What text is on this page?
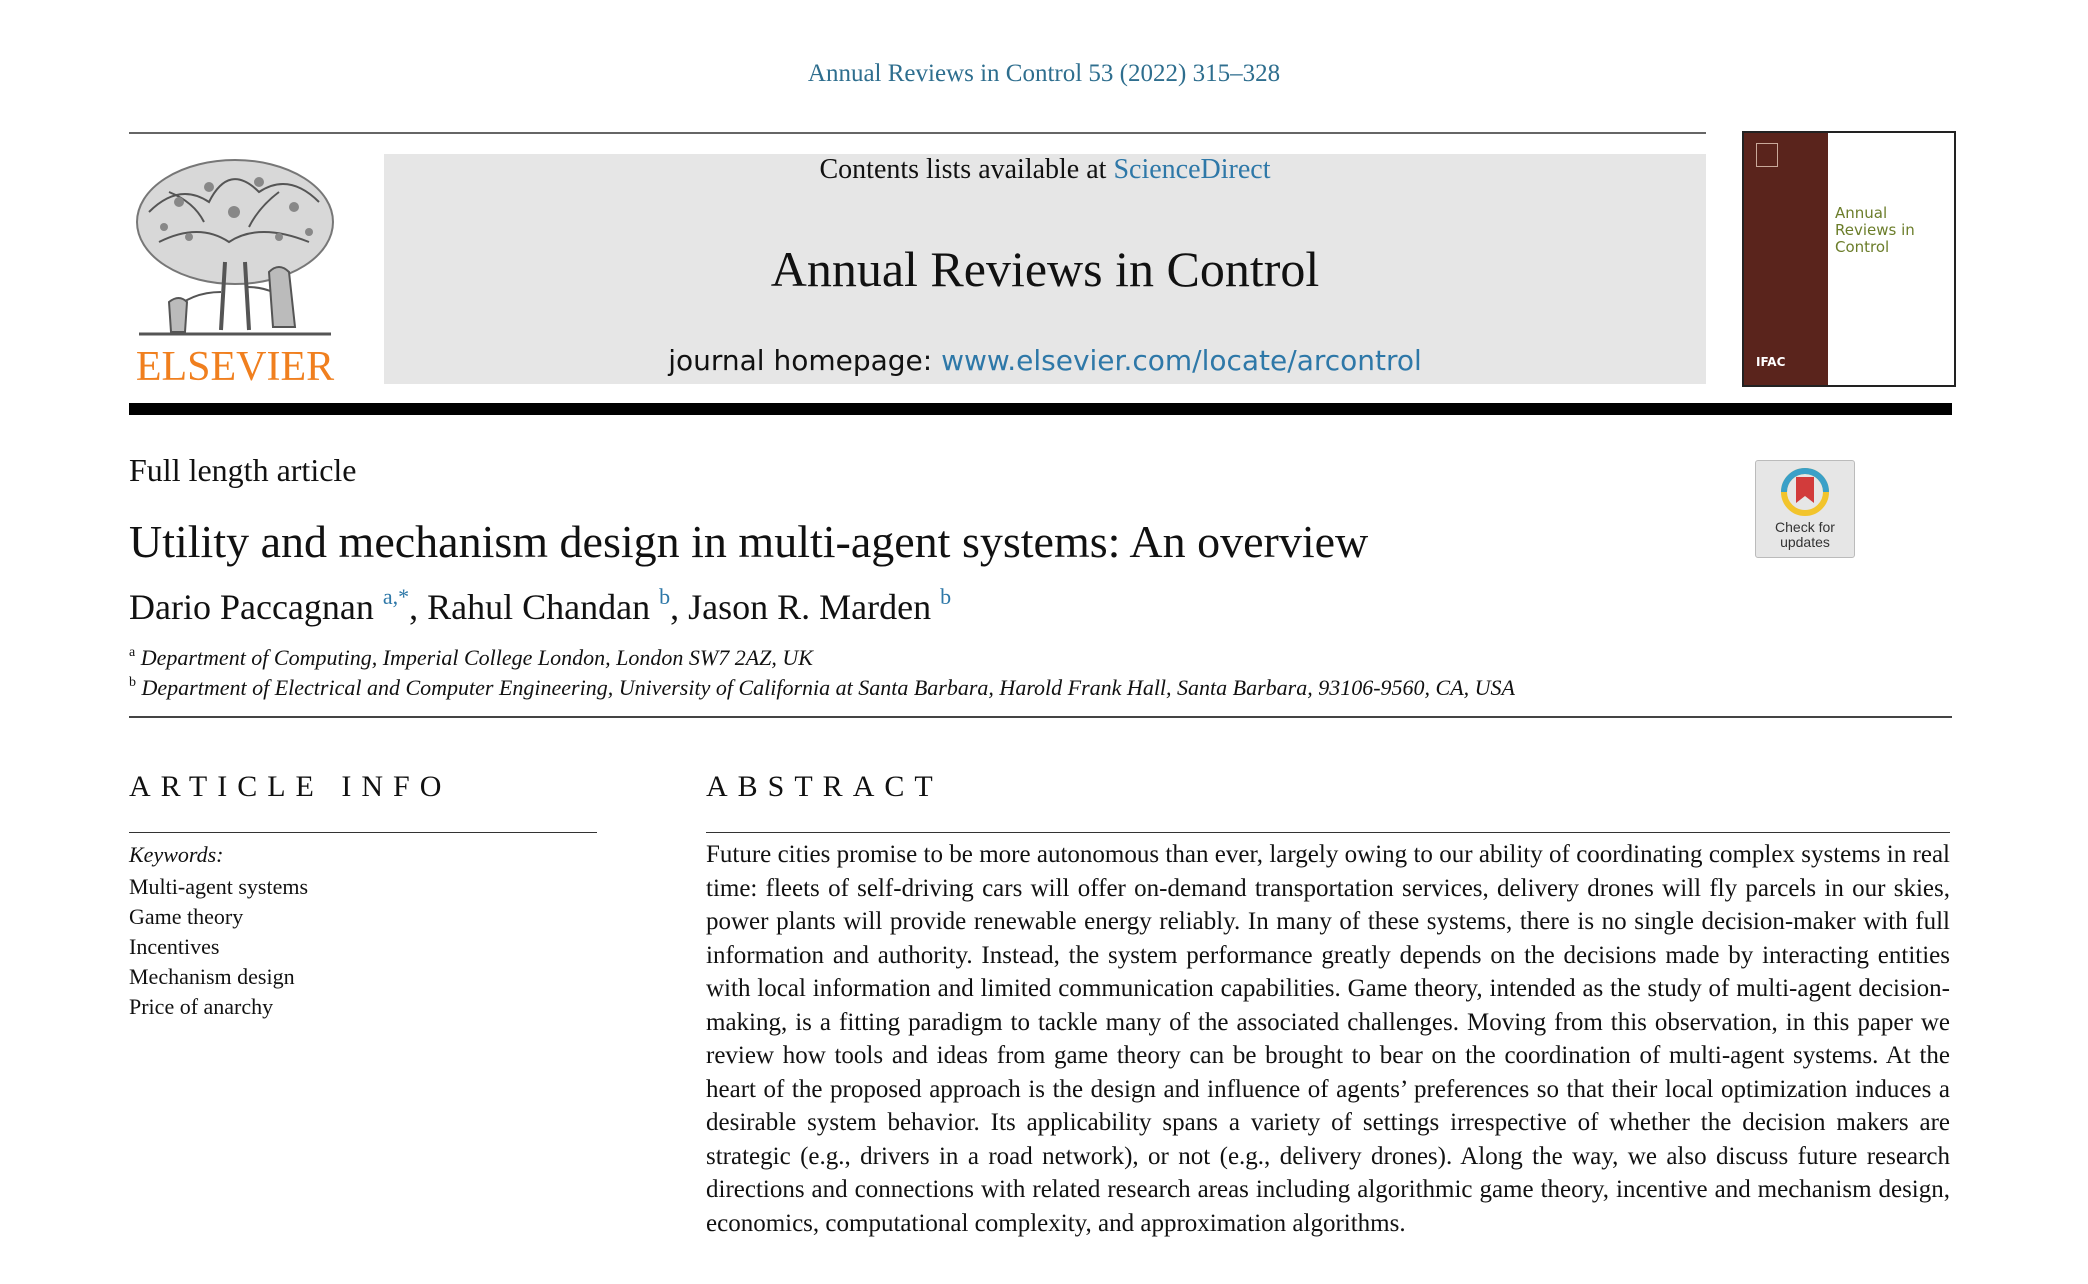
Annual Reviews in Control 53 (2022) 315–328
ELSEVIER
Contents lists available at ScienceDirect
Annual Reviews in Control
journal homepage: www.elsevier.com/locate/arcontrol	IFAC
Annual
Reviews in
Control
Full length article
Utility and mechanism design in multi-agent systems: An overview	Check for
updates
Dario Paccagnan $^{a,*}$, Rahul Chandan $^b$, Jason R. Marden $^b$
$^a$ Department of Computing, Imperial College London, London SW7 2AZ, UK
$^b$ Department of Electrical and Computer Engineering, University of California at Santa Barbara, Harold Frank Hall, Santa Barbara, 93106-9560, CA, USA
ARTICLE INFO	ABSTRACT
Keywords:
Multi-agent systems
Game theory
Incentives
Mechanism design
Price of anarchy

Future cities promise to be more autonomous than ever, largely owing to our ability of coordinating complex systems in real time: fleets of self-driving cars will offer on-demand transportation services, delivery drones will fly parcels in our skies, power plants will provide renewable energy reliably. In many of these systems, there is no single decision-maker with full information and authority. Instead, the system performance greatly depends on the decisions made by interacting entities with local information and limited communication capabilities. Game theory, intended as the study of multi-agent decision-making, is a fitting paradigm to tackle many of the associated challenges. Moving from this observation, in this paper we review how tools and ideas from game theory can be brought to bear on the coordination of multi-agent systems. At the heart of the proposed approach is the design and influence of agents’ preferences so that their local optimization induces a desirable system behavior. Its applicability spans a variety of settings irrespective of whether the decision makers are strategic (e.g., drivers in a road network), or not (e.g., delivery drones). Along the way, we also discuss future research directions and connections with related research areas including algorithmic game theory, incentive and mechanism design, economics, computational complexity, and approximation algorithms.
